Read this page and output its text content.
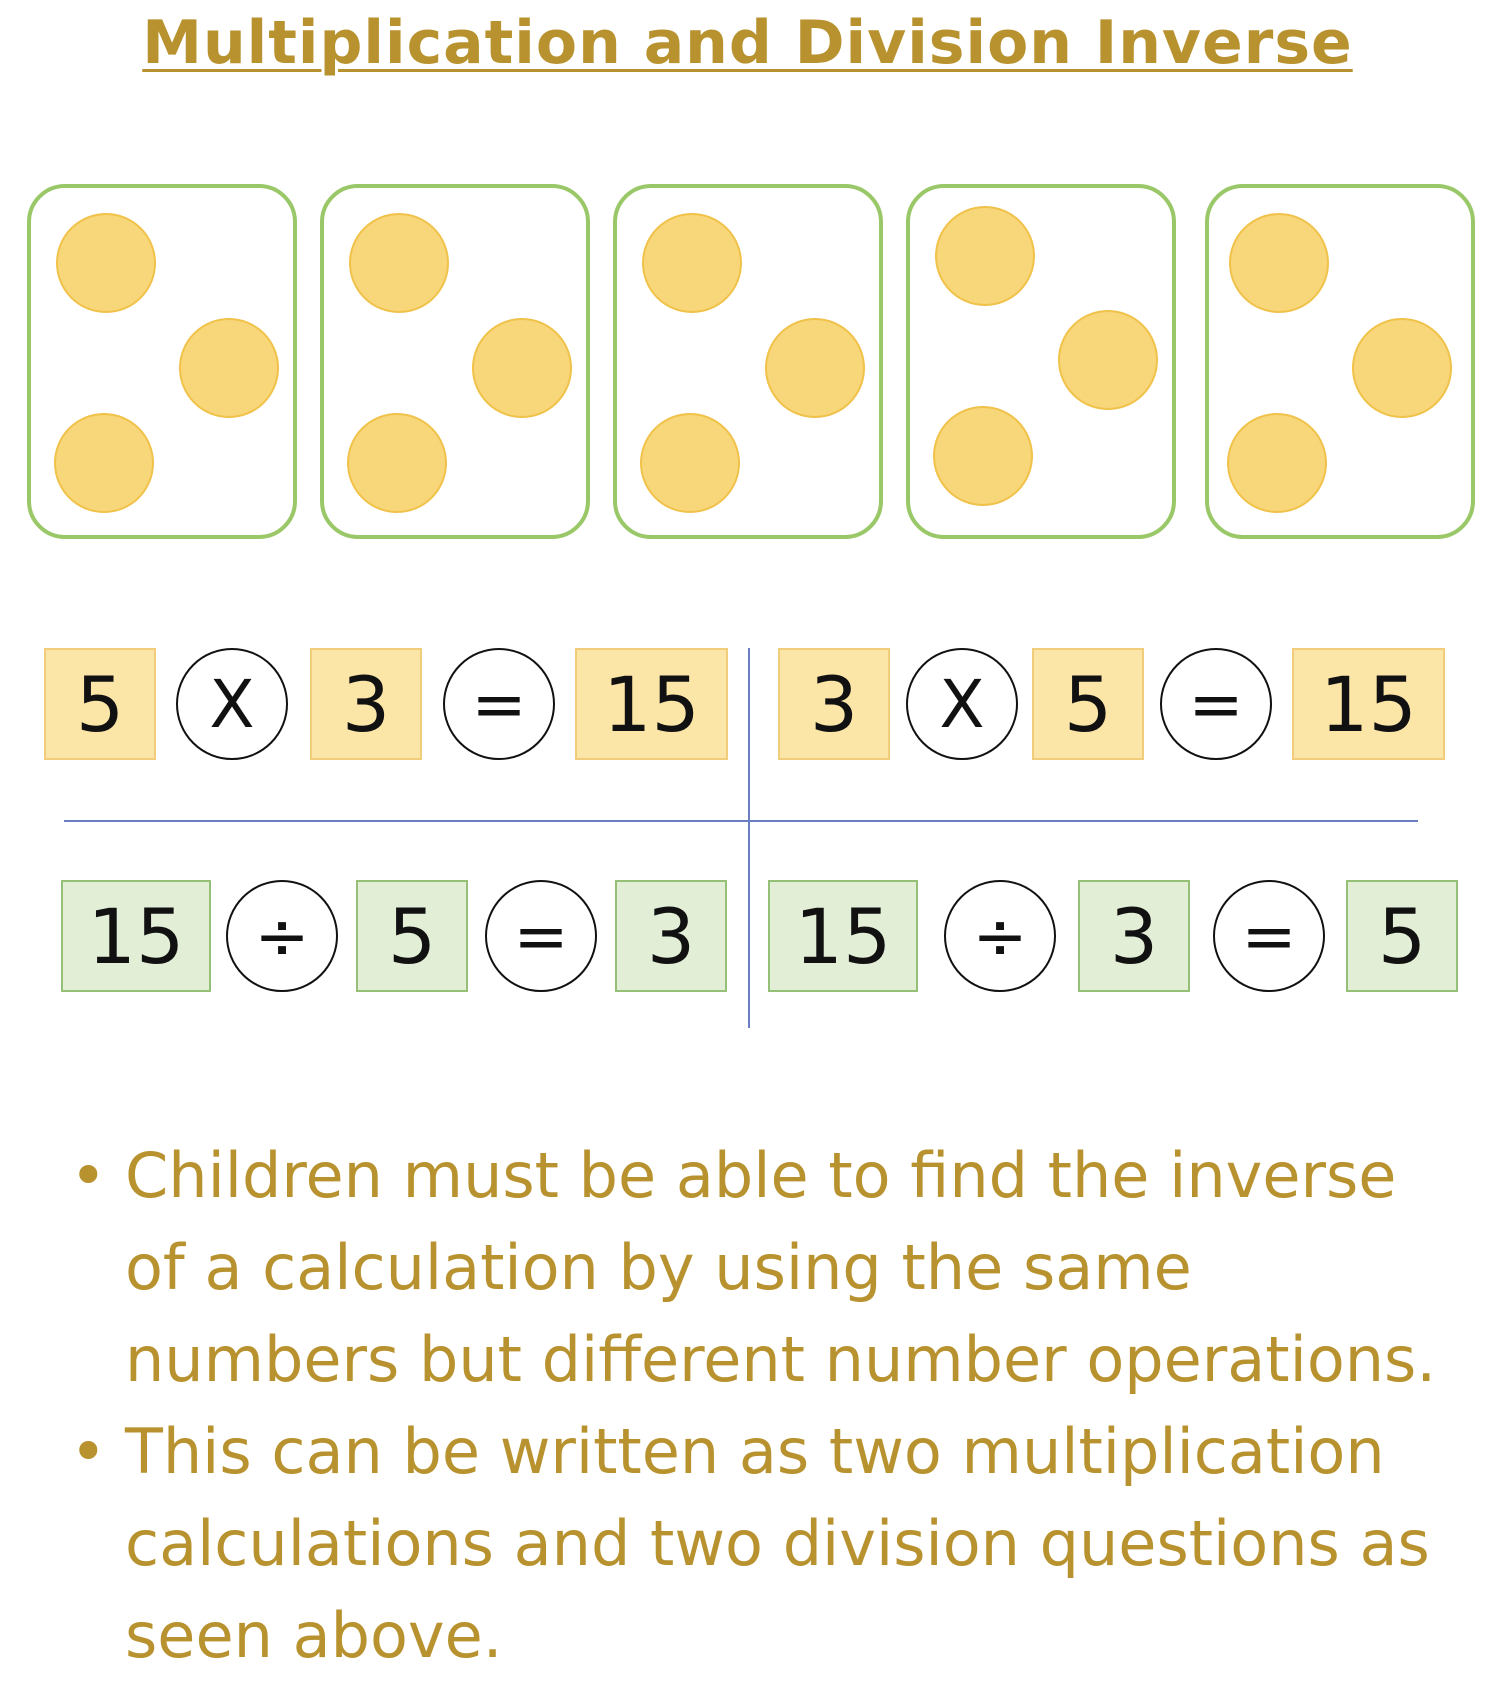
Multiplication and Division Inverse
5	X	3	=	15	3	X	5	=	15
15	÷	5	=	3	15	÷	3	=	5
• Children must be able to find the inverse of a calculation by using the same numbers but different number operations.
• This can be written as two multiplication calculations and two division questions as seen above.
